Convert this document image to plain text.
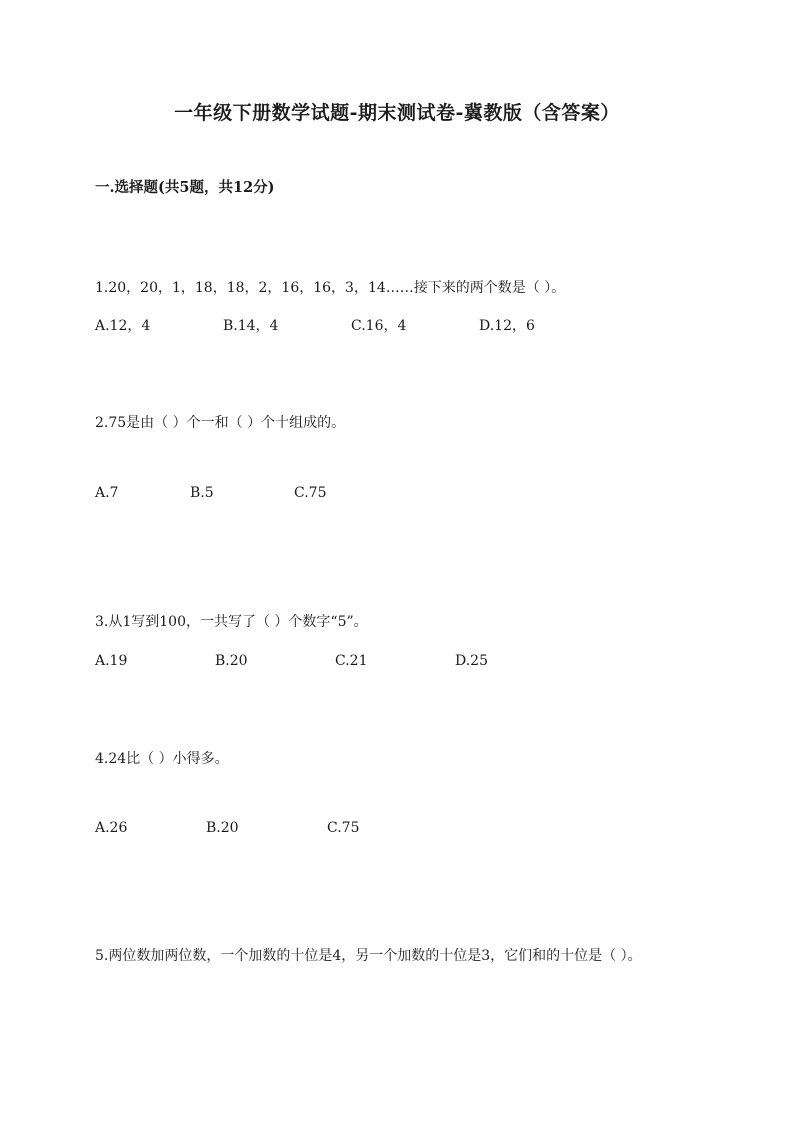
一年级下册数学试题-期末测试卷-冀教版（含答案）
一.选择题(共5题，共12分)

1.20，20，1，18，18，2，16，16，3，14……接下来的两个数是（ ）。

A.12，4	B.14，4	C.16，4	D.12，6

2.75是由（ ）个一和（ ）个十组成的。

A.7	B.5	C.75

3.从1写到100，一共写了（ ）个数字“5”。

A.19	B.20	C.21	D.25

4.24比（ ）小得多。

A.26	B.20	C.75

5.两位数加两位数，一个加数的十位是4，另一个加数的十位是3，它们和的十位是（ ）。
